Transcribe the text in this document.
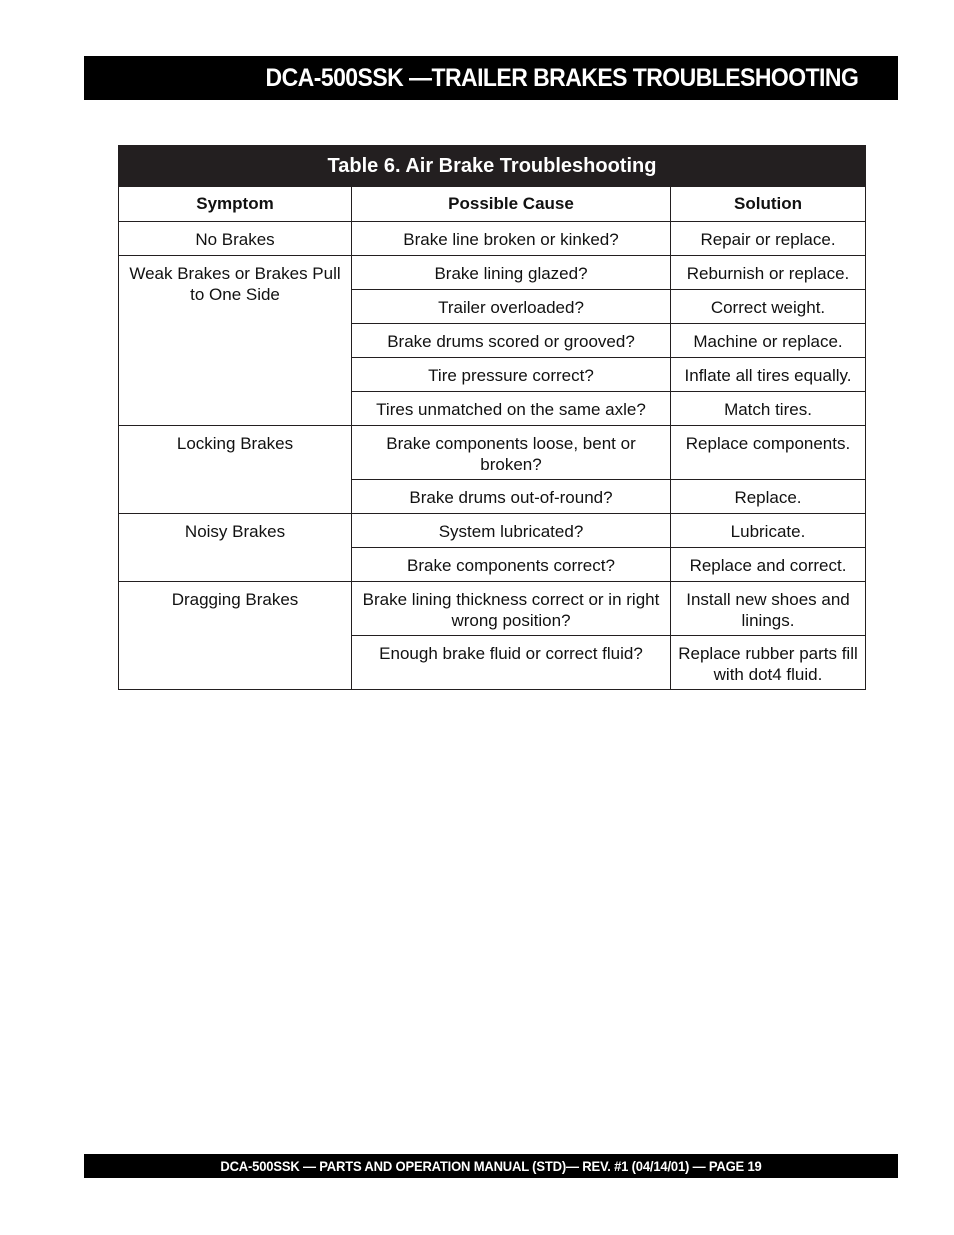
DCA-500SSK —TRAILER BRAKES TROUBLESHOOTING
Table 6. Air Brake Troubleshooting		
Symptom	Possible Cause	Solution
No Brakes	Brake line broken or kinked?	Repair or replace.
Weak Brakes or Brakes Pull to One Side	Brake lining glazed?	Reburnish or replace.
	Trailer overloaded?	Correct weight.
	Brake drums scored or grooved?	Machine or replace.
	Tire pressure correct?	Inflate all tires equally.
	Tires unmatched on the same axle?	Match tires.
Locking Brakes	Brake components loose, bent or broken?	Replace components.
	Brake drums out-of-round?	Replace.
Noisy Brakes	System lubricated?	Lubricate.
	Brake components correct?	Replace and correct.
Dragging Brakes	Brake lining thickness correct or in right wrong position?	Install new shoes and linings.
	Enough brake fluid or correct fluid?	Replace rubber parts fill with dot4 fluid.
DCA-500SSK — PARTS AND OPERATION MANUAL (STD)— REV. #1 (04/14/01) — PAGE 19
